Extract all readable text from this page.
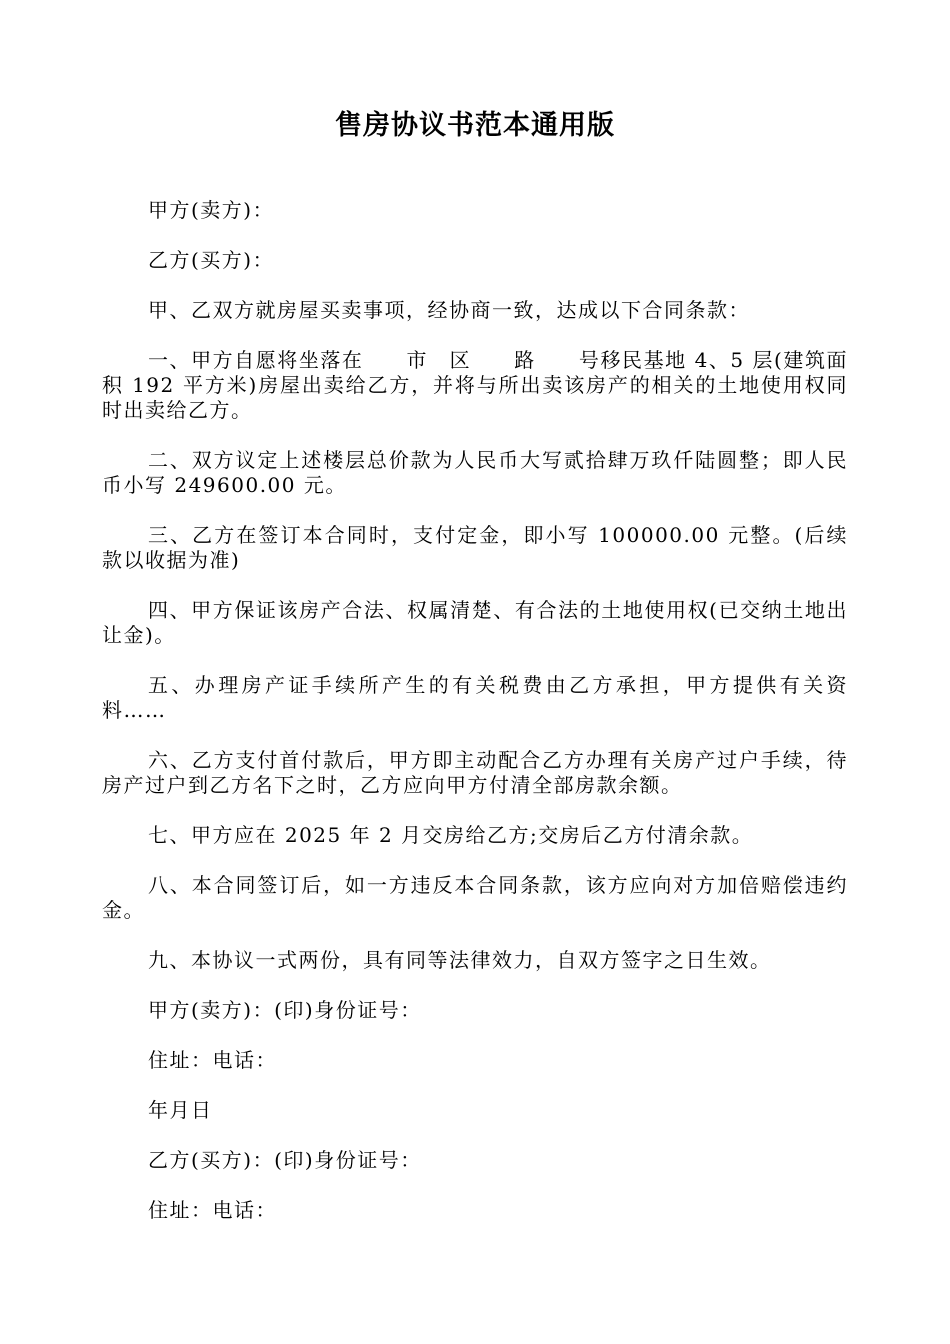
售房协议书范本通用版

甲方(卖方)：

乙方(买方)：

甲、乙双方就房屋买卖事项，经协商一致，达成以下合同条款：

一、甲方自愿将坐落在　　市　区　　路　　号移民基地 4、5 层(建筑面积 192 平方米)房屋出卖给乙方，并将与所出卖该房产的相关的土地使用权同时出卖给乙方。

二、双方议定上述楼层总价款为人民币大写贰拾肆万玖仟陆圆整；即人民币小写 249600.00 元。

三、乙方在签订本合同时，支付定金，即小写 100000.00 元整。(后续款以收据为准)

四、甲方保证该房产合法、权属清楚、有合法的土地使用权(已交纳土地出让金)。

五、办理房产证手续所产生的有关税费由乙方承担，甲方提供有关资料……

六、乙方支付首付款后，甲方即主动配合乙方办理有关房产过户手续，待房产过户到乙方名下之时，乙方应向甲方付清全部房款余额。

七、甲方应在 2025 年 2 月交房给乙方;交房后乙方付清余款。

八、本合同签订后，如一方违反本合同条款，该方应向对方加倍赔偿违约金。

九、本协议一式两份，具有同等法律效力，自双方签字之日生效。

甲方(卖方)：(印)身份证号：

住址：电话：

年月日

乙方(买方)：(印)身份证号：

住址：电话：
